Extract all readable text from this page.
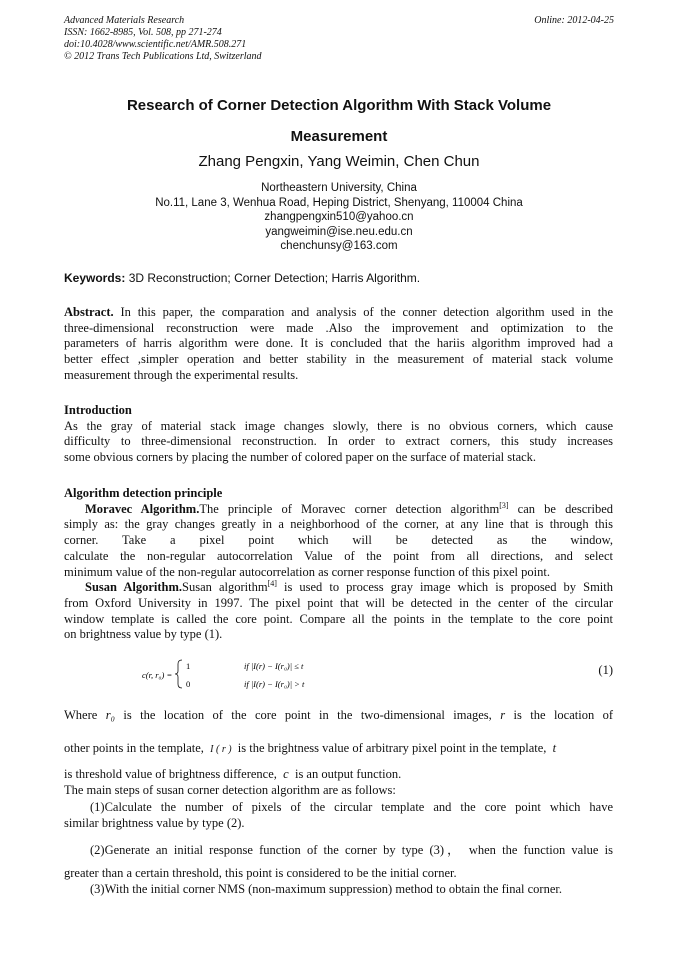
Advanced Materials Research
ISSN: 1662-8985, Vol. 508, pp 271-274
doi:10.4028/www.scientific.net/AMR.508.271
© 2012 Trans Tech Publications Ltd, Switzerland
Online: 2012-04-25
Research of Corner Detection Algorithm With Stack Volume
Measurement
Zhang Pengxin, Yang Weimin, Chen Chun
Northeastern University, China
No.11, Lane 3, Wenhua Road, Heping District, Shenyang, 110004 China
zhangpengxin510@yahoo.cn
yangweimin@ise.neu.edu.cn
chenchunsy@163.com
Keywords: 3D Reconstruction; Corner Detection; Harris Algorithm.
Abstract. In this paper, the comparation and analysis of the conner detection algorithm used in the
three-dimensional reconstruction were made .Also the improvement and optimization to the
parameters of harris algorithm were done. It is concluded that the hariis algorithm improved had a
better effect ,simpler operation and better stability in the measurement of material stack volume
measurement through the experimental results.
Introduction
As the gray of material stack image changes slowly, there is no obvious corners, which cause
difficulty to three-dimensional reconstruction. In order to extract corners, this study increases
some obvious corners by placing the number of colored paper on the surface of material stack.
Algorithm detection principle
Moravec Algorithm.The principle of Moravec corner detection algorithm[3] can be described
simply as: the gray changes greatly in a neighborhood of the corner, at any line that is through this
corner. Take a pixel point which will be detected as the window,
calculate the non-regular autocorrelation Value of the point from all directions, and select
minimum value of the non-regular autocorrelation as corner response function of this pixel point.
Susan Algorithm.Susan algorithm[4] is used to process gray image which is proposed by Smith
from Oxford University in 1997. The pixel point that will be detected in the center of the circular
window template is called the core point. Compare all the points in the template to the core point
on brightness value by type (1).
c(r, r₀) =
1	if |I(r) − I(r₀)| ≤ t
0	if |I(r) − I(r₀)| > t
(1)
Where r₀ is the location of the core point in the two-dimensional images, r is the location of
other points in the template, I ( r ) is the brightness value of arbitrary pixel point in the template, t
is threshold value of brightness difference, c is an output function.
The main steps of susan corner detection algorithm are as follows:
(1)Calculate the number of pixels of the circular template and the core point which have
similar brightness value by type (2).
(2)Generate an initial response function of the corner by type (3)， when the function value is
greater than a certain threshold, this point is considered to be the initial corner.
(3)With the initial corner NMS (non-maximum suppression) method to obtain the final corner.
